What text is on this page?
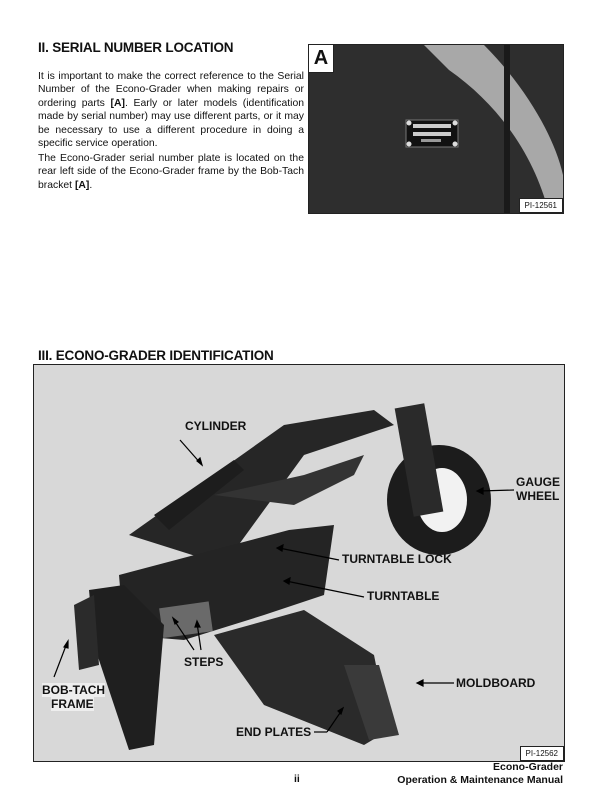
II. SERIAL NUMBER LOCATION
It is important to make the correct reference to the Serial Number of the Econo-Grader when making repairs or ordering parts [A]. Early or later models (identification made by serial number) may use different parts, or it may be necessary to use a different procedure in doing a specific service operation.
The Econo-Grader serial number plate is located on the rear left side of the Econo-Grader frame by the Bob-Tach bracket [A].
A
PI-12561
III. ECONO-GRADER IDENTIFICATION
CYLINDER
GAUGE
WHEEL
TURNTABLE LOCK
TURNTABLE
STEPS
BOB-TACH
FRAME
MOLDBOARD
END PLATES
PI-12562
ii
Econo-Grader
Operation & Maintenance Manual
